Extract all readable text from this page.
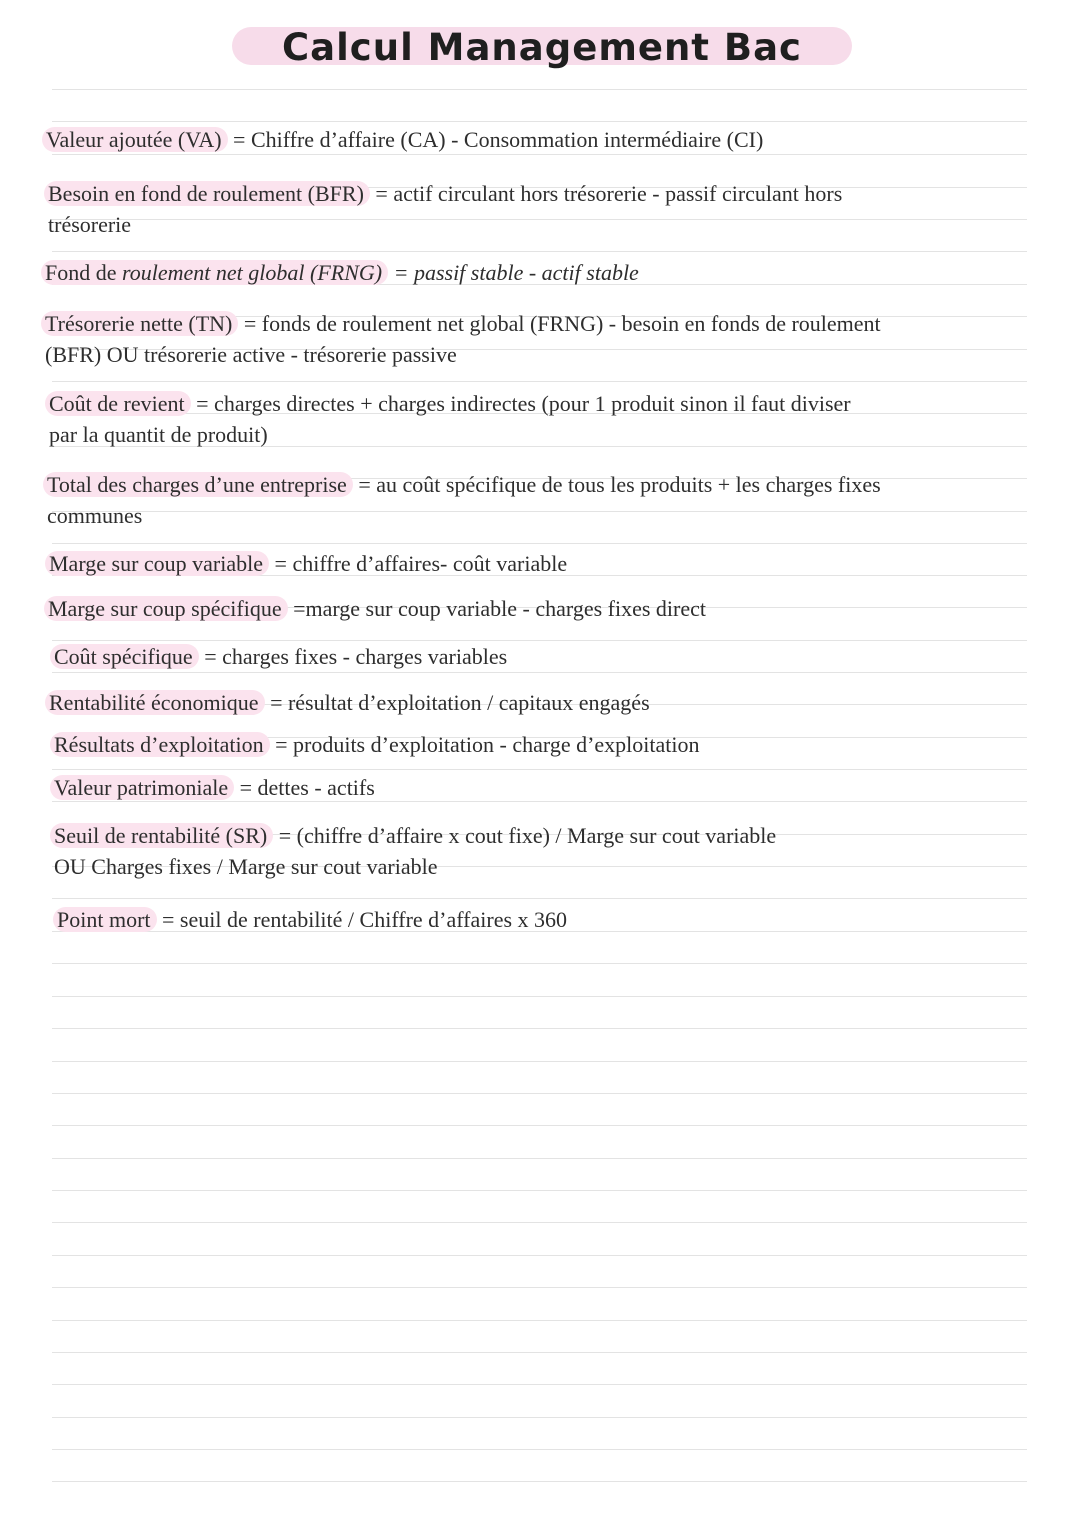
Calcul Management Bac
Valeur ajoutée (VA) = Chiffre d’affaire (CA) - Consommation intermédiaire (CI)
Besoin en fond de roulement (BFR) = actif circulant hors trésorerie - passif circulant hors
trésorerie
Fond de roulement net global (FRNG) = passif stable - actif stable
Trésorerie nette (TN) = fonds de roulement net global (FRNG) - besoin en fonds de roulement
(BFR) OU trésorerie active - trésorerie passive
Coût de revient = charges directes + charges indirectes (pour 1 produit sinon il faut diviser
par la quantit de produit)
Total des charges d’une entreprise = au coût spécifique de tous les produits + les charges fixes
communes
Marge sur coup variable = chiffre d’affaires- coût variable
Marge sur coup spécifique =marge sur coup variable - charges fixes direct
Coût spécifique = charges fixes - charges variables
Rentabilité économique = résultat d’exploitation / capitaux engagés
Résultats d’exploitation = produits d’exploitation - charge d’exploitation
Valeur patrimoniale = dettes - actifs
Seuil de rentabilité (SR) = (chiffre d’affaire x cout fixe) / Marge sur cout variable
OU Charges fixes / Marge sur cout variable
Point mort = seuil de rentabilité / Chiffre d’affaires x 360
